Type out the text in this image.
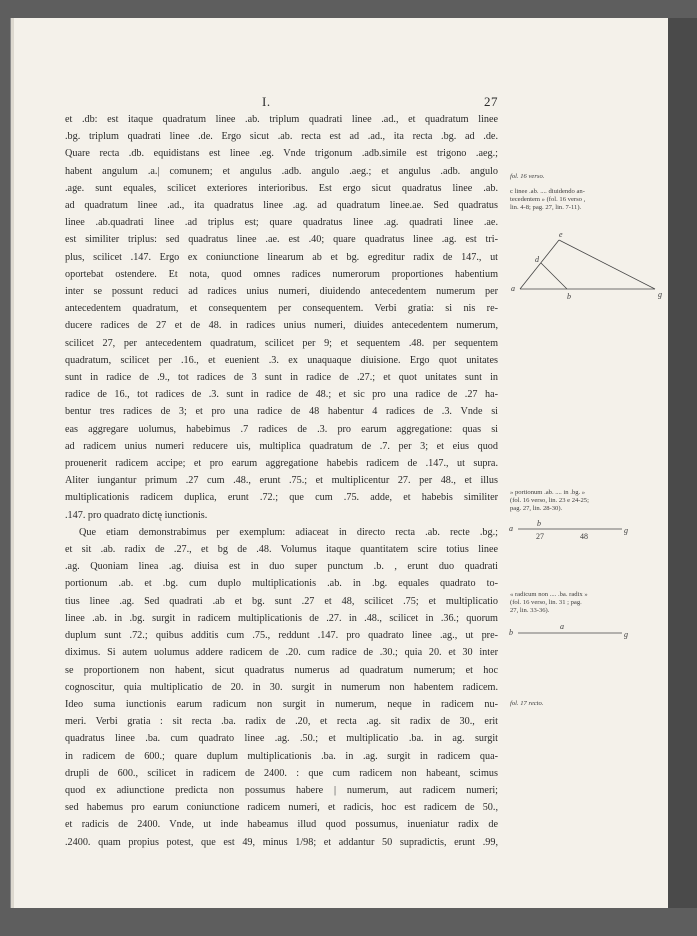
I.	27

et .db: est itaque quadratum linee .ab. triplum quadrati linee .ad., et quadratum linee

.bg. triplum quadrati linee .de. Ergo sicut .ab. recta est ad .ad., ita recta .bg. ad .de.

Quare recta .db. equidistans est linee .eg. Vnde trigonum .adb.simile est trigono .aeg.;

habent angulum .a.| comunem; et angulus .adb. angulo .aeg.; et angulus .adb. angulo

.age. sunt equales, scilicet exteriores interioribus. Est ergo sicut quadratus linee .ab.

ad quadratum linee .ad., ita quadratus linee .ag. ad quadratum linee.ae. Sed quadratus

linee .ab.quadrati linee .ad triplus est; quare quadratus linee .ag. quadrati linee .ae.

est similiter triplus: sed quadratus linee .ae. est .40; quare quadratus linee .ag. est tri-

plus, scilicet .147. Ergo ex coniunctione linearum ab et bg. egreditur radix de 147., ut

oportebat ostendere. Et nota, quod omnes radices numerorum proportiones habentium

inter se possunt reduci ad radices unius numeri, diuidendo antecedentem numerum per

antecedentem quadratum, et consequentem per consequentem. Verbi gratia: si nis re-

ducere radices de 27 et de 48. in radices unius numeri, diuides antecedentem numerum,

scilicet 27, per antecedentem quadratum, scilicet per 9; et sequentem .48. per sequentem

quadratum, scilicet per .16., et euenient .3. ex unaquaque diuisione. Ergo quot unitates

sunt in radice de .9., tot radices de 3 sunt in radice de .27.; et quot unitates sunt in

radice de 16., tot radices de .3. sunt in radice de 48.; et sic pro una radice de .27 ha-

bentur tres radices de 3; et pro una radice de 48 habentur 4 radices de .3. Vnde si

eas aggregare uolumus, habebimus .7 radices de .3. pro earum aggregatione: quas si

ad radicem unius numeri reducere uis, multiplica quadratum de .7. per 3; et eius quod

prouenerit radicem accipe; et pro earum aggregatione habebis radicem de .147., ut supra.

Aliter iungantur primum .27 cum .48., erunt .75.; et multiplicentur 27. per 48., et illus

multiplicationis radicem duplica, erunt .72.; que cum .75. adde, et habebis similiter

.147. pro quadrato dictę iunctionis.

Que etiam demonstrabimus per exemplum: adiaceat in directo recta .ab. recte .bg.;

et sit .ab. radix de .27., et bg de .48. Volumus itaque quantitatem scire totius linee

.ag. Quoniam linea .ag. diuisa est in duo super punctum .b. , erunt duo quadrati

portionum .ab. et .bg. cum duplo multiplicationis .ab. in .bg. equales quadrato to-

tius linee .ag. Sed quadrati .ab et bg. sunt .27 et 48, scilicet .75; et multiplicatio

linee .ab. in .bg. surgit in radicem multiplicationis de .27. in .48., scilicet in .36.; quorum

duplum sunt .72.; quibus additis cum .75., reddunt .147. pro quadrato linee .ag., ut pre-

diximus. Si autem uolumus addere radicem de .20. cum radice de .30.; quia 20. et 30 inter

se proportionem non habent, sicut quadratus numerus ad quadratum numerum; et hoc

cognoscitur, quia multiplicatio de 20. in 30. surgit in numerum non habentem radicem.

Ideo suma iunctionis earum radicum non surgit in numerum, neque in radicem nu-

meri. Verbi gratia : sit recta .ba. radix de .20, et recta .ag. sit radix de 30., erit

quadratus linee .ba. cum quadrato linee .ag. .50.; et multiplicatio .ba. in ag. surgit

in radicem de 600.; quare duplum multiplicationis .ba. in .ag. surgit in radicem qua-

drupli de 600., scilicet in radicem de 2400. : que cum radicem non habeant, scimus

quod ex adiunctione predicta non possumus habere | numerum, aut radicem numeri;

sed habemus pro earum coniunctione radicem numeri, et radicis, hoc est radicem de 50.,

et radicis de 2400. Vnde, ut inde habeamus illud quod possumus, inueniatur radix de

.2400. quam propius potest, que est 49, minus 1/98; et addantur 50 supradictis, erunt .99,

fol. 16 verso.

c linee .ab. .... diuidendo an-

tecedentem » (fol. 16 verso ,

lin. 4-8; pag. 27, lin. 7-11).

» portionum .ab. .... in .bg. »

(fol. 16 verso, lin. 23 e 24-25;

pag. 27, lin. 28-30).

« radicum non .... .ba. radix »

(fol. 16 verso, lin. 31 ; pag.

27, lin. 33-36).

fol. 17 recto.

a
b	g
d
e
a
b
g
27	48
b
a
g
